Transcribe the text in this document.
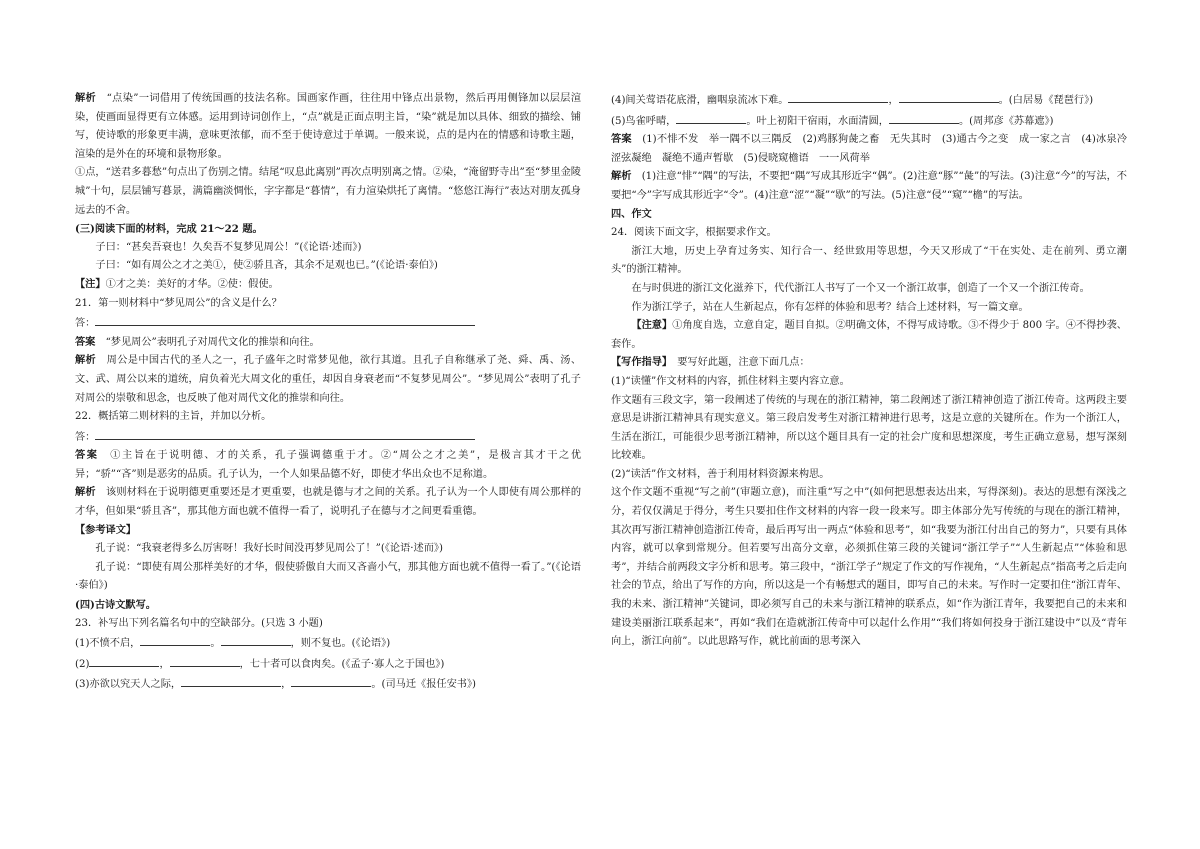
解析　 “点染”一词借用了传统国画的技法名称。国画家作画，往往用中锋点出景物，然后再用侧锋加以层层渲染，使画面显得更有立体感。运用到诗词创作上，“点”就是正面点明主旨，“染”就是加以具体、细致的描绘、铺写，使诗歌的形象更丰满，意味更浓郁，而不至于使诗意过于单调。一般来说，点的是内在的情感和诗歌主题，渲染的是外在的环境和景物形象。

①点，“送君多暮愁”句点出了伤别之情。结尾“叹息此离别”再次点明别离之情。②染，“淹留野寺出”至“梦里金陵城”十句，层层铺写暮景，满篇幽淡惆怅，字字都是“暮情”，有力渲染烘托了离情。“悠悠江海行”表达对朋友孤身远去的不舍。

(三)阅读下面的材料，完成 21～22 题。

子曰：“甚矣吾衰也！久矣吾不复梦见周公！”(《论语·述而》)

子曰：“如有周公之才之美①，使②骄且吝，其余不足观也已。”(《论语·泰伯》)

【注】①才之美：美好的才华。②使：假使。

21．第一则材料中“梦见周公”的含义是什么？

答：

答案　 “梦见周公”表明孔子对周代文化的推崇和向往。

解析　 周公是中国古代的圣人之一，孔子盛年之时常梦见他，欲行其道。且孔子自称继承了尧、舜、禹、汤、文、武、周公以来的道统，肩负着光大周文化的重任，却因自身衰老而“不复梦见周公”。“梦见周公”表明了孔子对周公的崇敬和思念，也反映了他对周代文化的推崇和向往。

22．概括第二则材料的主旨，并加以分析。

答：

答案　 ①主旨在于说明德、才的关系，孔子强调德重于才。②“周公之才之美”，是极言其才干之优异；“骄”“吝”则是恶劣的品质。孔子认为，一个人如果品德不好，即使才华出众也不足称道。

解析　 该则材料在于说明德更重要还是才更重要，也就是德与才之间的关系。孔子认为一个人即使有周公那样的才华，但如果“骄且吝”，那其他方面也就不值得一看了，说明孔子在德与才之间更看重德。

【参考译文】

孔子说：“我衰老得多么厉害呀！我好长时间没再梦见周公了！”(《论语·述而》)

孔子说：“即使有周公那样美好的才华，假使骄傲自大而又吝啬小气，那其他方面也就不值得一看了。”(《论语·泰伯》)

(四)古诗文默写。

23．补写出下列名篇名句中的空缺部分。(只选 3 小题)

(1)不愤不启，	。	，则不复也。(《论语》)

(2)	，	，七十者可以食肉矣。(《孟子·寡人之于国也》)

(3)亦欲以究天人之际，	，	。(司马迁《报任安书》)

(4)间关莺语花底滑，幽咽泉流冰下难。	，	。(白居易《琵琶行》)

(5)鸟雀呼晴，	。叶上初阳干宿雨，水面清圆，	。(周邦彦《苏幕遮》)

答案　 (1)不悱不发　举一隅不以三隅反　(2)鸡豚狗彘之畜　无失其时　(3)通古今之变　成一家之言　(4)冰泉冷涩弦凝绝　凝绝不通声暂歇　(5)侵晓窥檐语　一一风荷举

解析　 (1)注意“悱”“隅”的写法，不要把“隅”写成其形近字“偶”。(2)注意“豚”“彘”的写法。(3)注意“今”的写法，不要把“今”字写成其形近字“令”。(4)注意“涩”“凝”“歇”的写法。(5)注意“侵”“窥”“檐”的写法。

四、作文

24．阅读下面文字，根据要求作文。

浙江大地，历史上孕育过务实、知行合一、经世致用等思想，今天又形成了“干在实处、走在前列、勇立潮头”的浙江精神。

在与时俱进的浙江文化滋养下，代代浙江人书写了一个又一个浙江故事，创造了一个又一个浙江传奇。

作为浙江学子，站在人生新起点，你有怎样的体验和思考？结合上述材料，写一篇文章。

【注意】①角度自选，立意自定，题目自拟。②明确文体，不得写成诗歌。③不得少于 800 字。④不得抄袭、套作。

【写作指导】　 要写好此题，注意下面几点：

(1)“读懂”作文材料的内容，抓住材料主要内容立意。

作文题有三段文字，第一段阐述了传统的与现在的浙江精神，第二段阐述了浙江精神创造了浙江传奇。这两段主要意思是讲浙江精神具有现实意义。第三段启发考生对浙江精神进行思考，这是立意的关键所在。作为一个浙江人，生活在浙江，可能很少思考浙江精神，所以这个题目具有一定的社会广度和思想深度，考生正确立意易，想写深刻比较难。

(2)“读活”作文材料，善于利用材料资源来构思。

这个作文题不重视“写之前”(审题立意)，而注重“写之中”(如何把思想表达出来，写得深刻)。表达的思想有深浅之分，若仅仅满足于得分，考生只要扣住作文材料的内容一段一段来写。即主体部分先写传统的与现在的浙江精神，其次再写浙江精神创造浙江传奇，最后再写出一两点“体验和思考”，如“我要为浙江付出自己的努力”，只要有具体内容，就可以拿到常规分。但若要写出高分文章，必须抓住第三段的关键词“浙江学子”“人生新起点”“体验和思考”，并结合前两段文字分析和思考。第三段中，“浙江学子”规定了作文的写作视角，“人生新起点”指高考之后走向社会的节点，给出了写作的方向，所以这是一个有畅想式的题目，即写自己的未来。写作时一定要扣住“浙江青年、我的未来、浙江精神”关键词，即必须写自己的未来与浙江精神的联系点，如“作为浙江青年，我要把自己的未来和建设美丽浙江联系起来”，再如“我们在造就浙江传奇中可以起什么作用”“我们将如何投身于浙江建设中”以及“青年向上，浙江向前”。以此思路写作，就比前面的思考深入
